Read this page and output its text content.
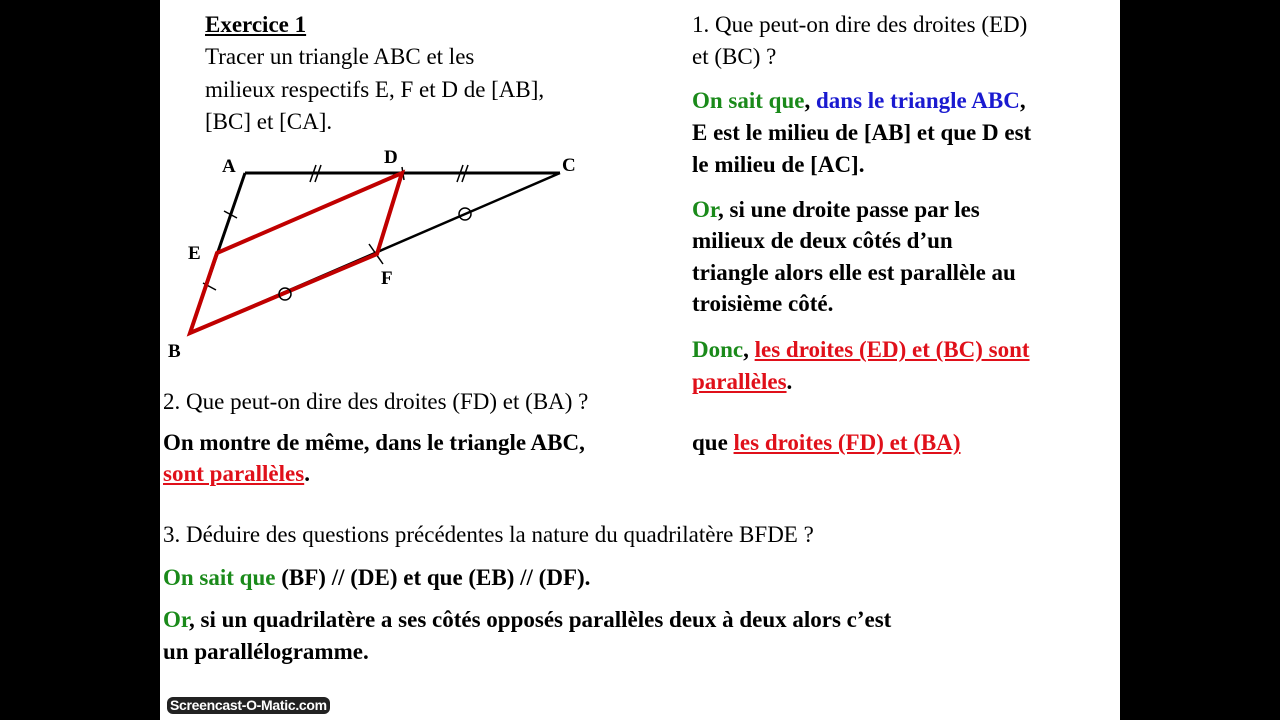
A	D	C
E
F
B
Exercice 1
Tracer un triangle ABC et les
milieux respectifs E, F et D de [AB],
[BC] et [CA].
1. Que peut-on dire des droites (ED)
et (BC) ?
On sait que, dans le triangle ABC,
E est le milieu de [AB] et que D est
le milieu de [AC].
Or, si une droite passe par les
milieux de deux côtés d’un
triangle alors elle est parallèle au
troisième côté.
Donc, les droites (ED) et (BC) sont
parallèles.
2. Que peut-on dire des droites (FD) et (BA) ?
On montre de même, dans le triangle ABC,	que les droites (FD) et (BA)
sont parallèles.
3. Déduire des questions précédentes la nature du quadrilatère BFDE ?
On sait que (BF) // (DE) et que (EB) // (DF).
Or, si un quadrilatère a ses côtés opposés parallèles deux à deux alors c’est
un parallélogramme.
Screencast-O-Matic.com
